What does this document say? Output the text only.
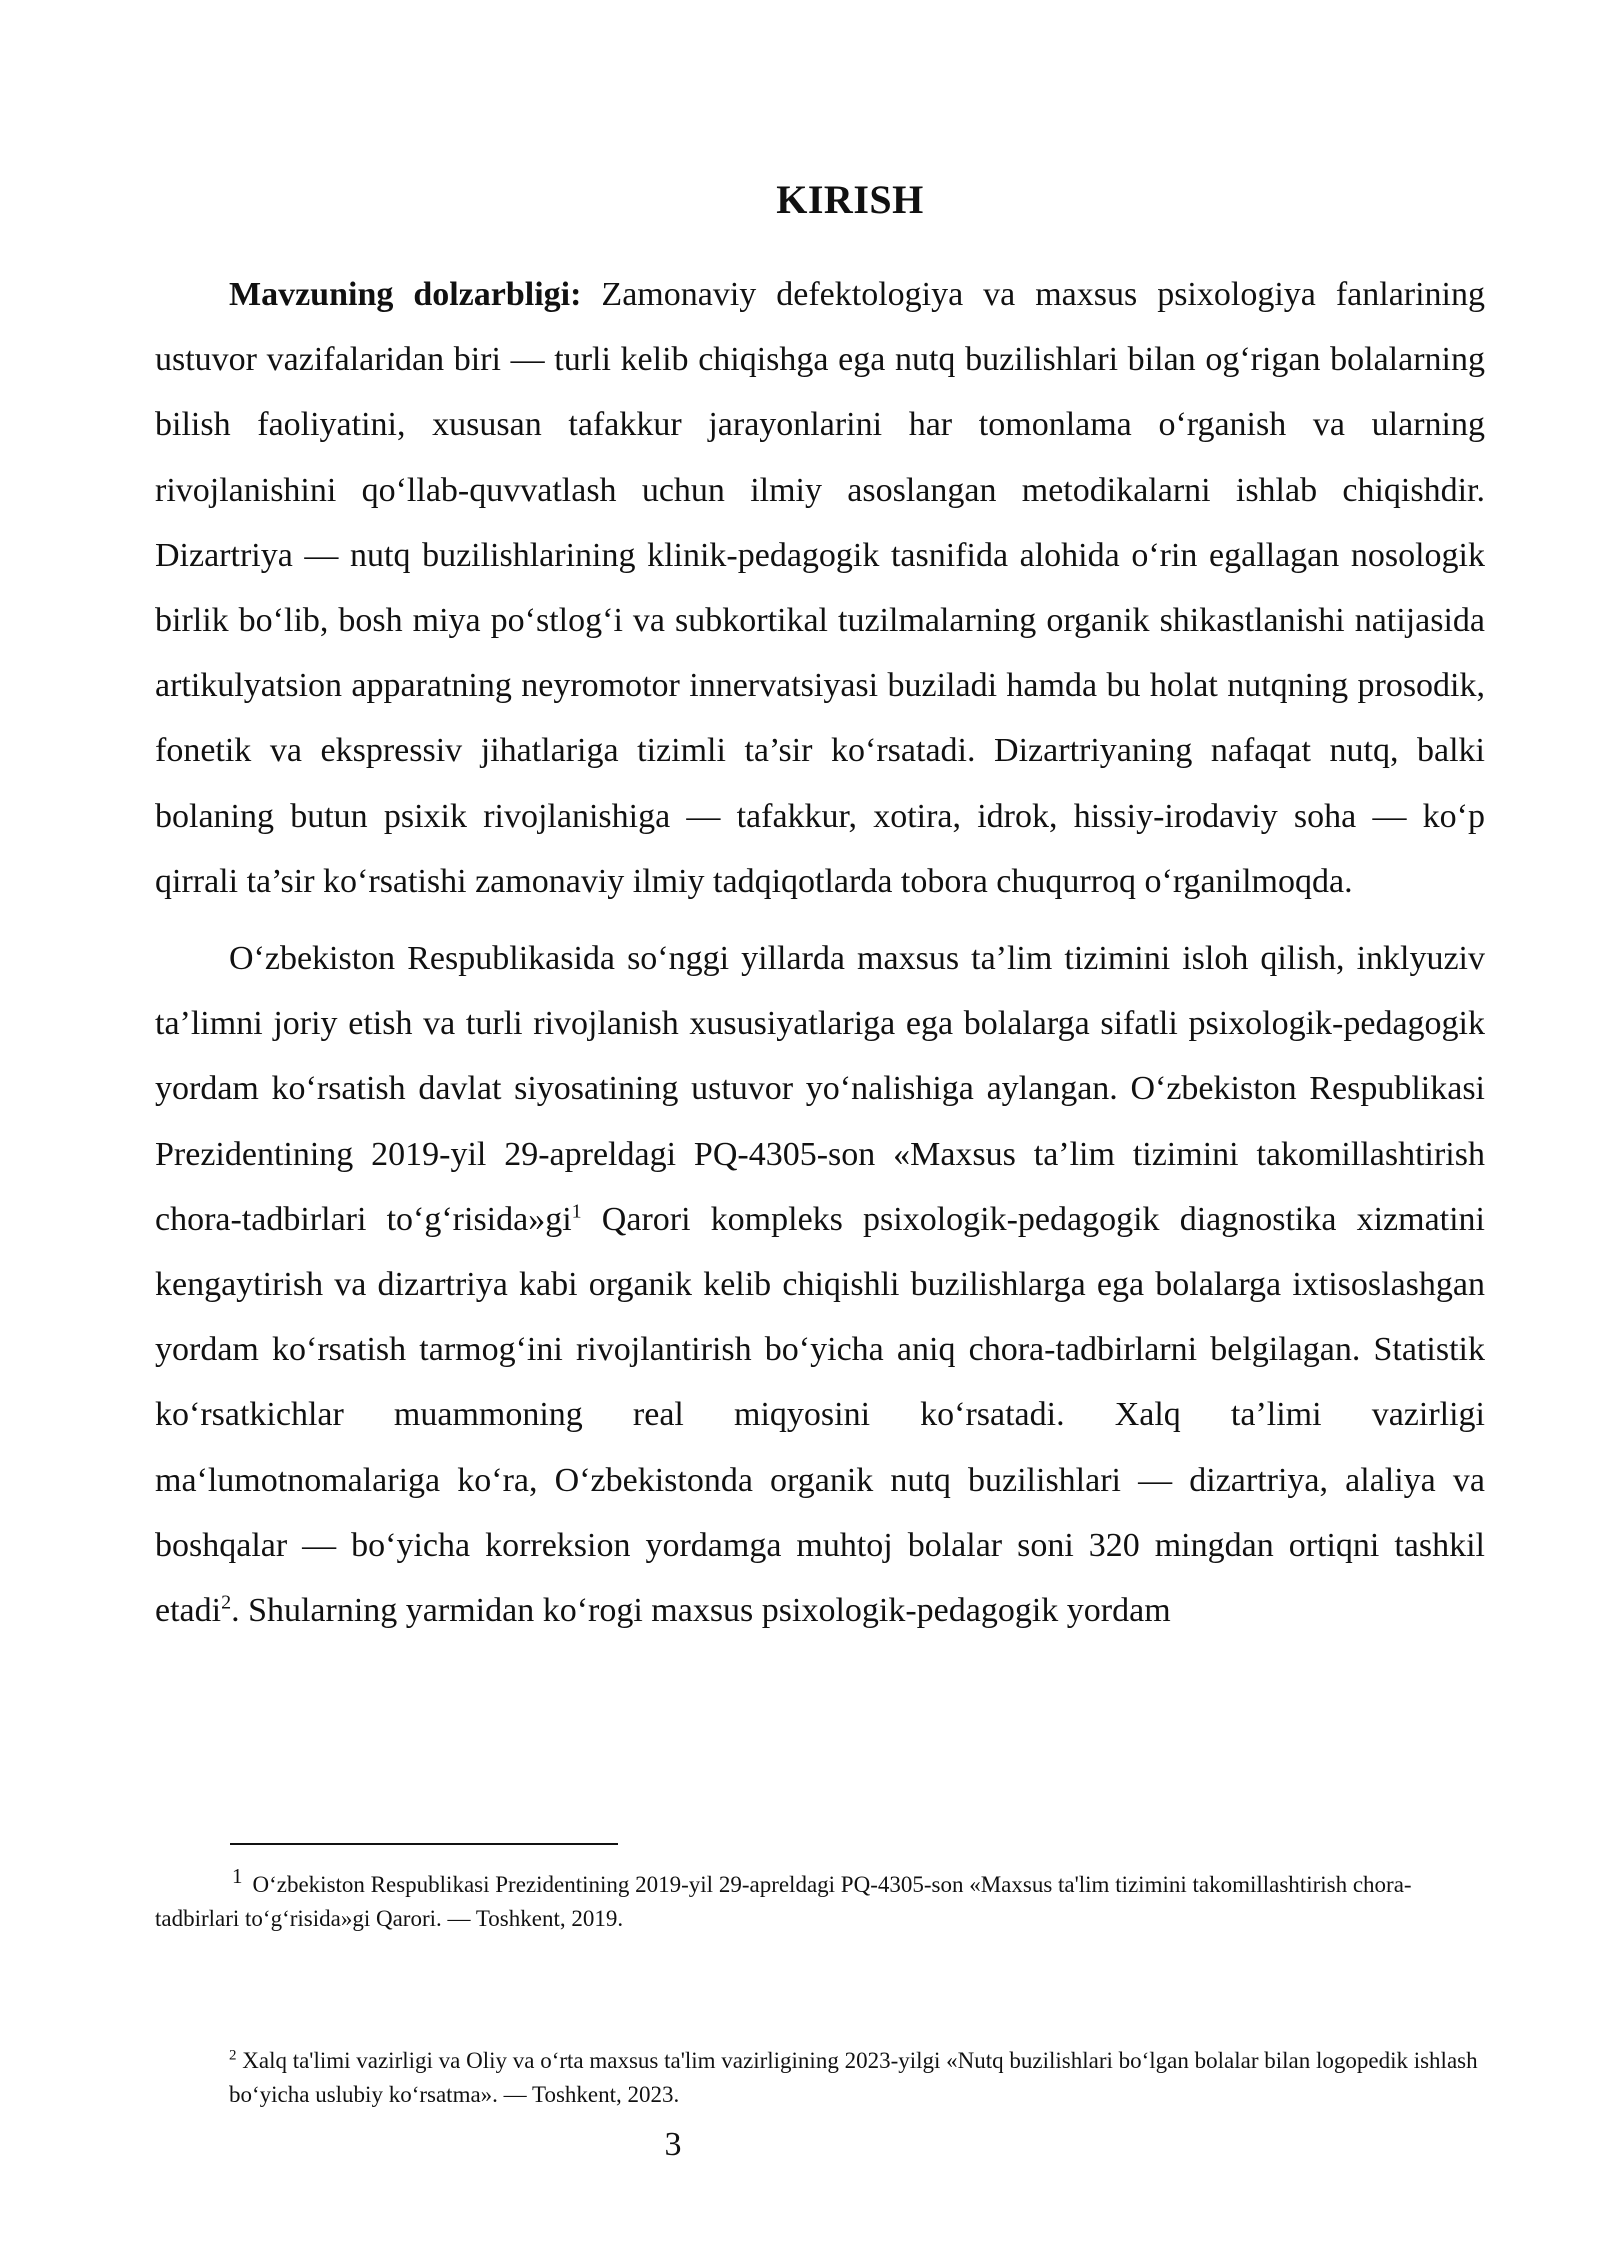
KIRISH

Mavzuning dolzarbligi: Zamonaviy defektologiya va maxsus psixologiya fanlarining ustuvor vazifalaridan biri — turli kelib chiqishga ega nutq buzilishlari bilan og‘rigan bolalarning bilish faoliyatini, xususan tafakkur jarayonlarini har tomonlama o‘rganish va ularning rivojlanishini qo‘llab-quvvatlash uchun ilmiy asoslangan metodikalarni ishlab chiqishdir. Dizartriya — nutq buzilishlarining klinik-pedagogik tasnifida alohida o‘rin egallagan nosologik birlik bo‘lib, bosh miya po‘stlog‘i va subkortikal tuzilmalarning organik shikastlanishi natijasida artikulyatsion apparatning neyromotor innervatsiyasi buziladi hamda bu holat nutqning prosodik, fonetik va ekspressiv jihatlariga tizimli ta’sir ko‘rsatadi. Dizartriyaning nafaqat nutq, balki bolaning butun psixik rivojlanishiga — tafakkur, xotira, idrok, hissiy-irodaviy soha — ko‘p qirrali ta’sir ko‘rsatishi zamonaviy ilmiy tadqiqotlarda tobora chuqurroq o‘rganilmoqda.

O‘zbekiston Respublikasida so‘nggi yillarda maxsus ta’lim tizimini isloh qilish, inklyuziv ta’limni joriy etish va turli rivojlanish xususiyatlariga ega bolalarga sifatli psixologik-pedagogik yordam ko‘rsatish davlat siyosatining ustuvor yo‘nalishiga aylangan. O‘zbekiston Respublikasi Prezidentining 2019-yil 29-apreldagi PQ-4305-son «Maxsus ta’lim tizimini takomillashtirish chora-tadbirlari to‘g‘risida»gi$^1$ Qarori kompleks psixologik-pedagogik diagnostika xizmatini kengaytirish va dizartriya kabi organik kelib chiqishli buzilishlarga ega bolalarga ixtisoslashgan yordam ko‘rsatish tarmog‘ini rivojlantirish bo‘yicha aniq chora-tadbirlarni belgilagan. Statistik ko‘rsatkichlar muammoning real miqyosini ko‘rsatadi. Xalq ta’limi vazirligi ma‘lumotnomalariga ko‘ra, O‘zbekistonda organik nutq buzilishlari — dizartriya, alaliya va boshqalar — bo‘yicha korreksion yordamga muhtoj bolalar soni 320 mingdan ortiqni tashkil etadi$^2$. Shularning yarmidan ko‘rogi maxsus psixologik-pedagogik yordam

$^1$ O‘zbekiston Respublikasi Prezidentining 2019-yil 29-apreldagi PQ-4305-son «Maxsus ta'lim tizimini takomillashtirish chora-tadbirlari to‘g‘risida»gi Qarori. — Toshkent, 2019.
$^2$ Xalq ta'limi vazirligi va Oliy va o‘rta maxsus ta'lim vazirligining 2023-yilgi «Nutq buzilishlari bo‘lgan bolalar bilan logopedik ishlash bo‘yicha uslubiy ko‘rsatma». — Toshkent, 2023.
3
